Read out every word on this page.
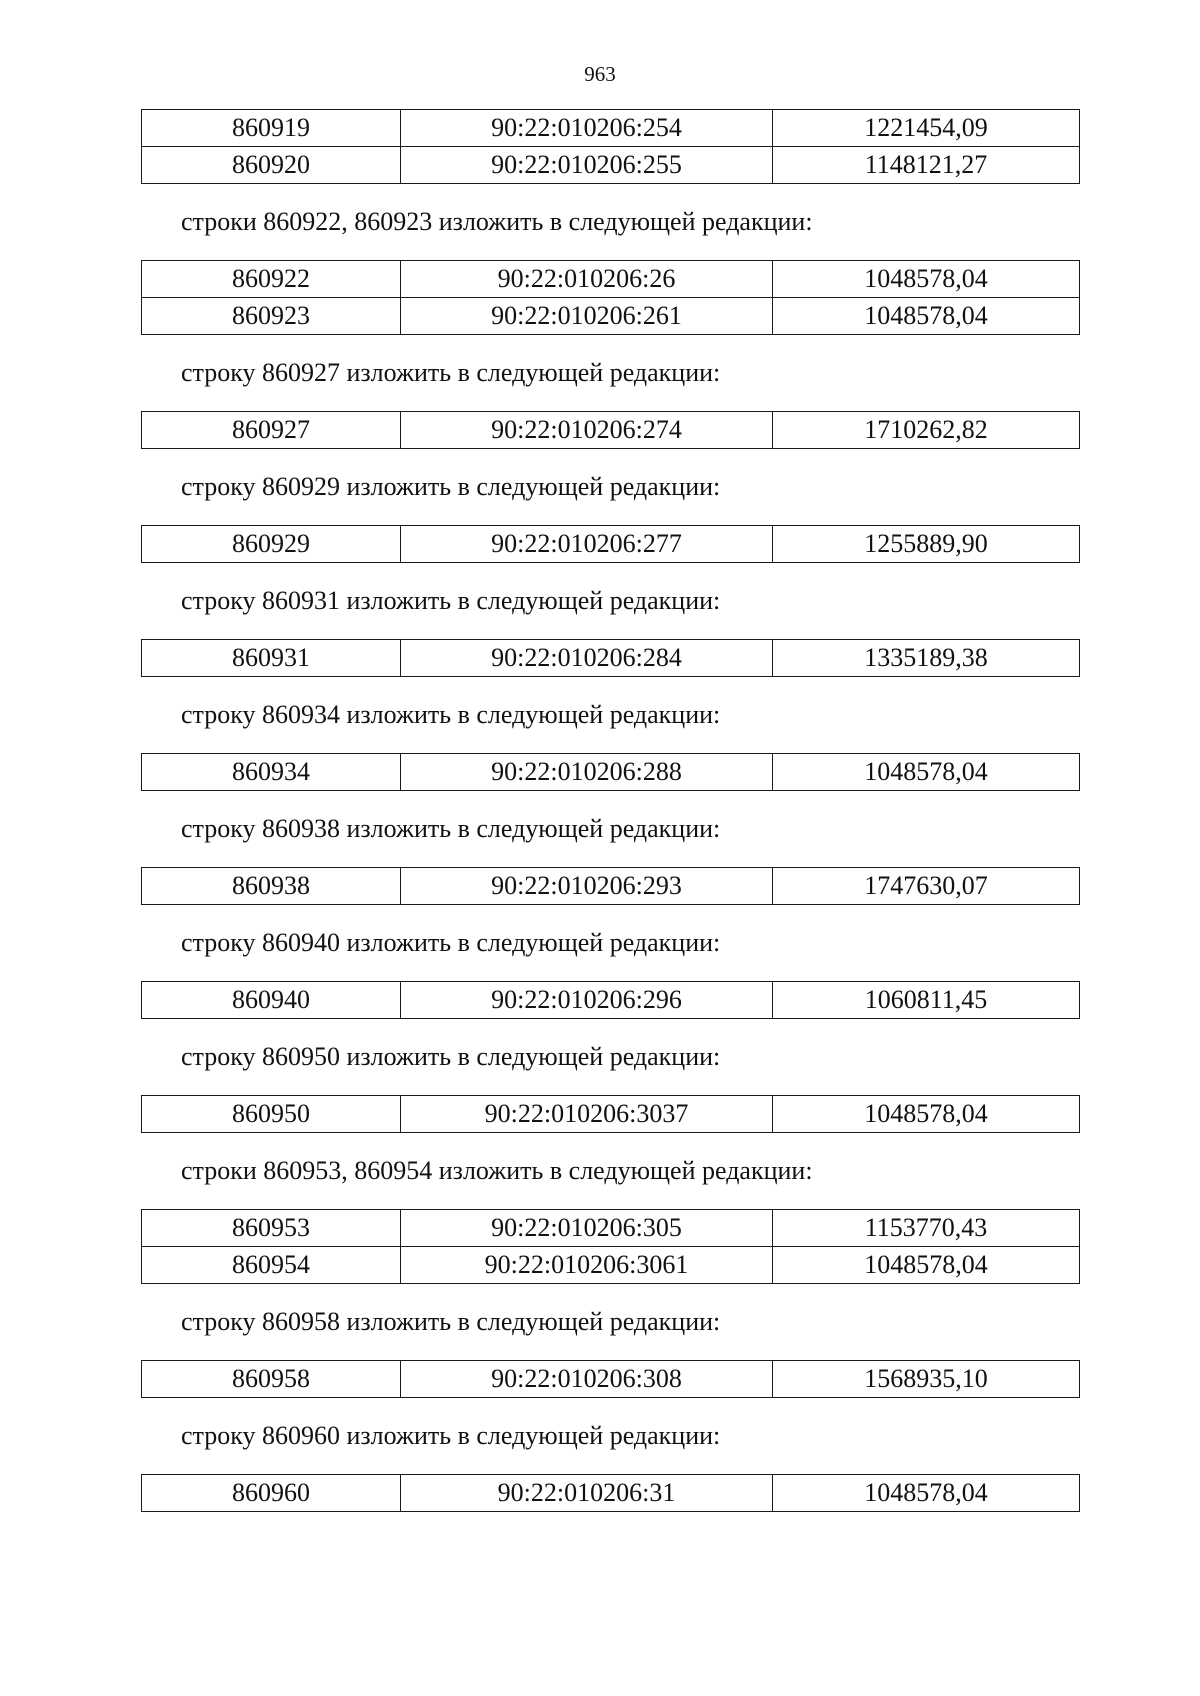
963
860919	90:22:010206:254	1221454,09
860920	90:22:010206:255	1148121,27

строки 860922, 860923 изложить в следующей редакции:

860922	90:22:010206:26	1048578,04
860923	90:22:010206:261	1048578,04

строку 860927 изложить в следующей редакции:

860927	90:22:010206:274	1710262,82

строку 860929 изложить в следующей редакции:

860929	90:22:010206:277	1255889,90

строку 860931 изложить в следующей редакции:

860931	90:22:010206:284	1335189,38

строку 860934 изложить в следующей редакции:

860934	90:22:010206:288	1048578,04

строку 860938 изложить в следующей редакции:

860938	90:22:010206:293	1747630,07

строку 860940 изложить в следующей редакции:

860940	90:22:010206:296	1060811,45

строку 860950 изложить в следующей редакции:

860950	90:22:010206:3037	1048578,04

строки 860953, 860954 изложить в следующей редакции:

860953	90:22:010206:305	1153770,43
860954	90:22:010206:3061	1048578,04

строку 860958 изложить в следующей редакции:

860958	90:22:010206:308	1568935,10

строку 860960 изложить в следующей редакции:

860960	90:22:010206:31	1048578,04
